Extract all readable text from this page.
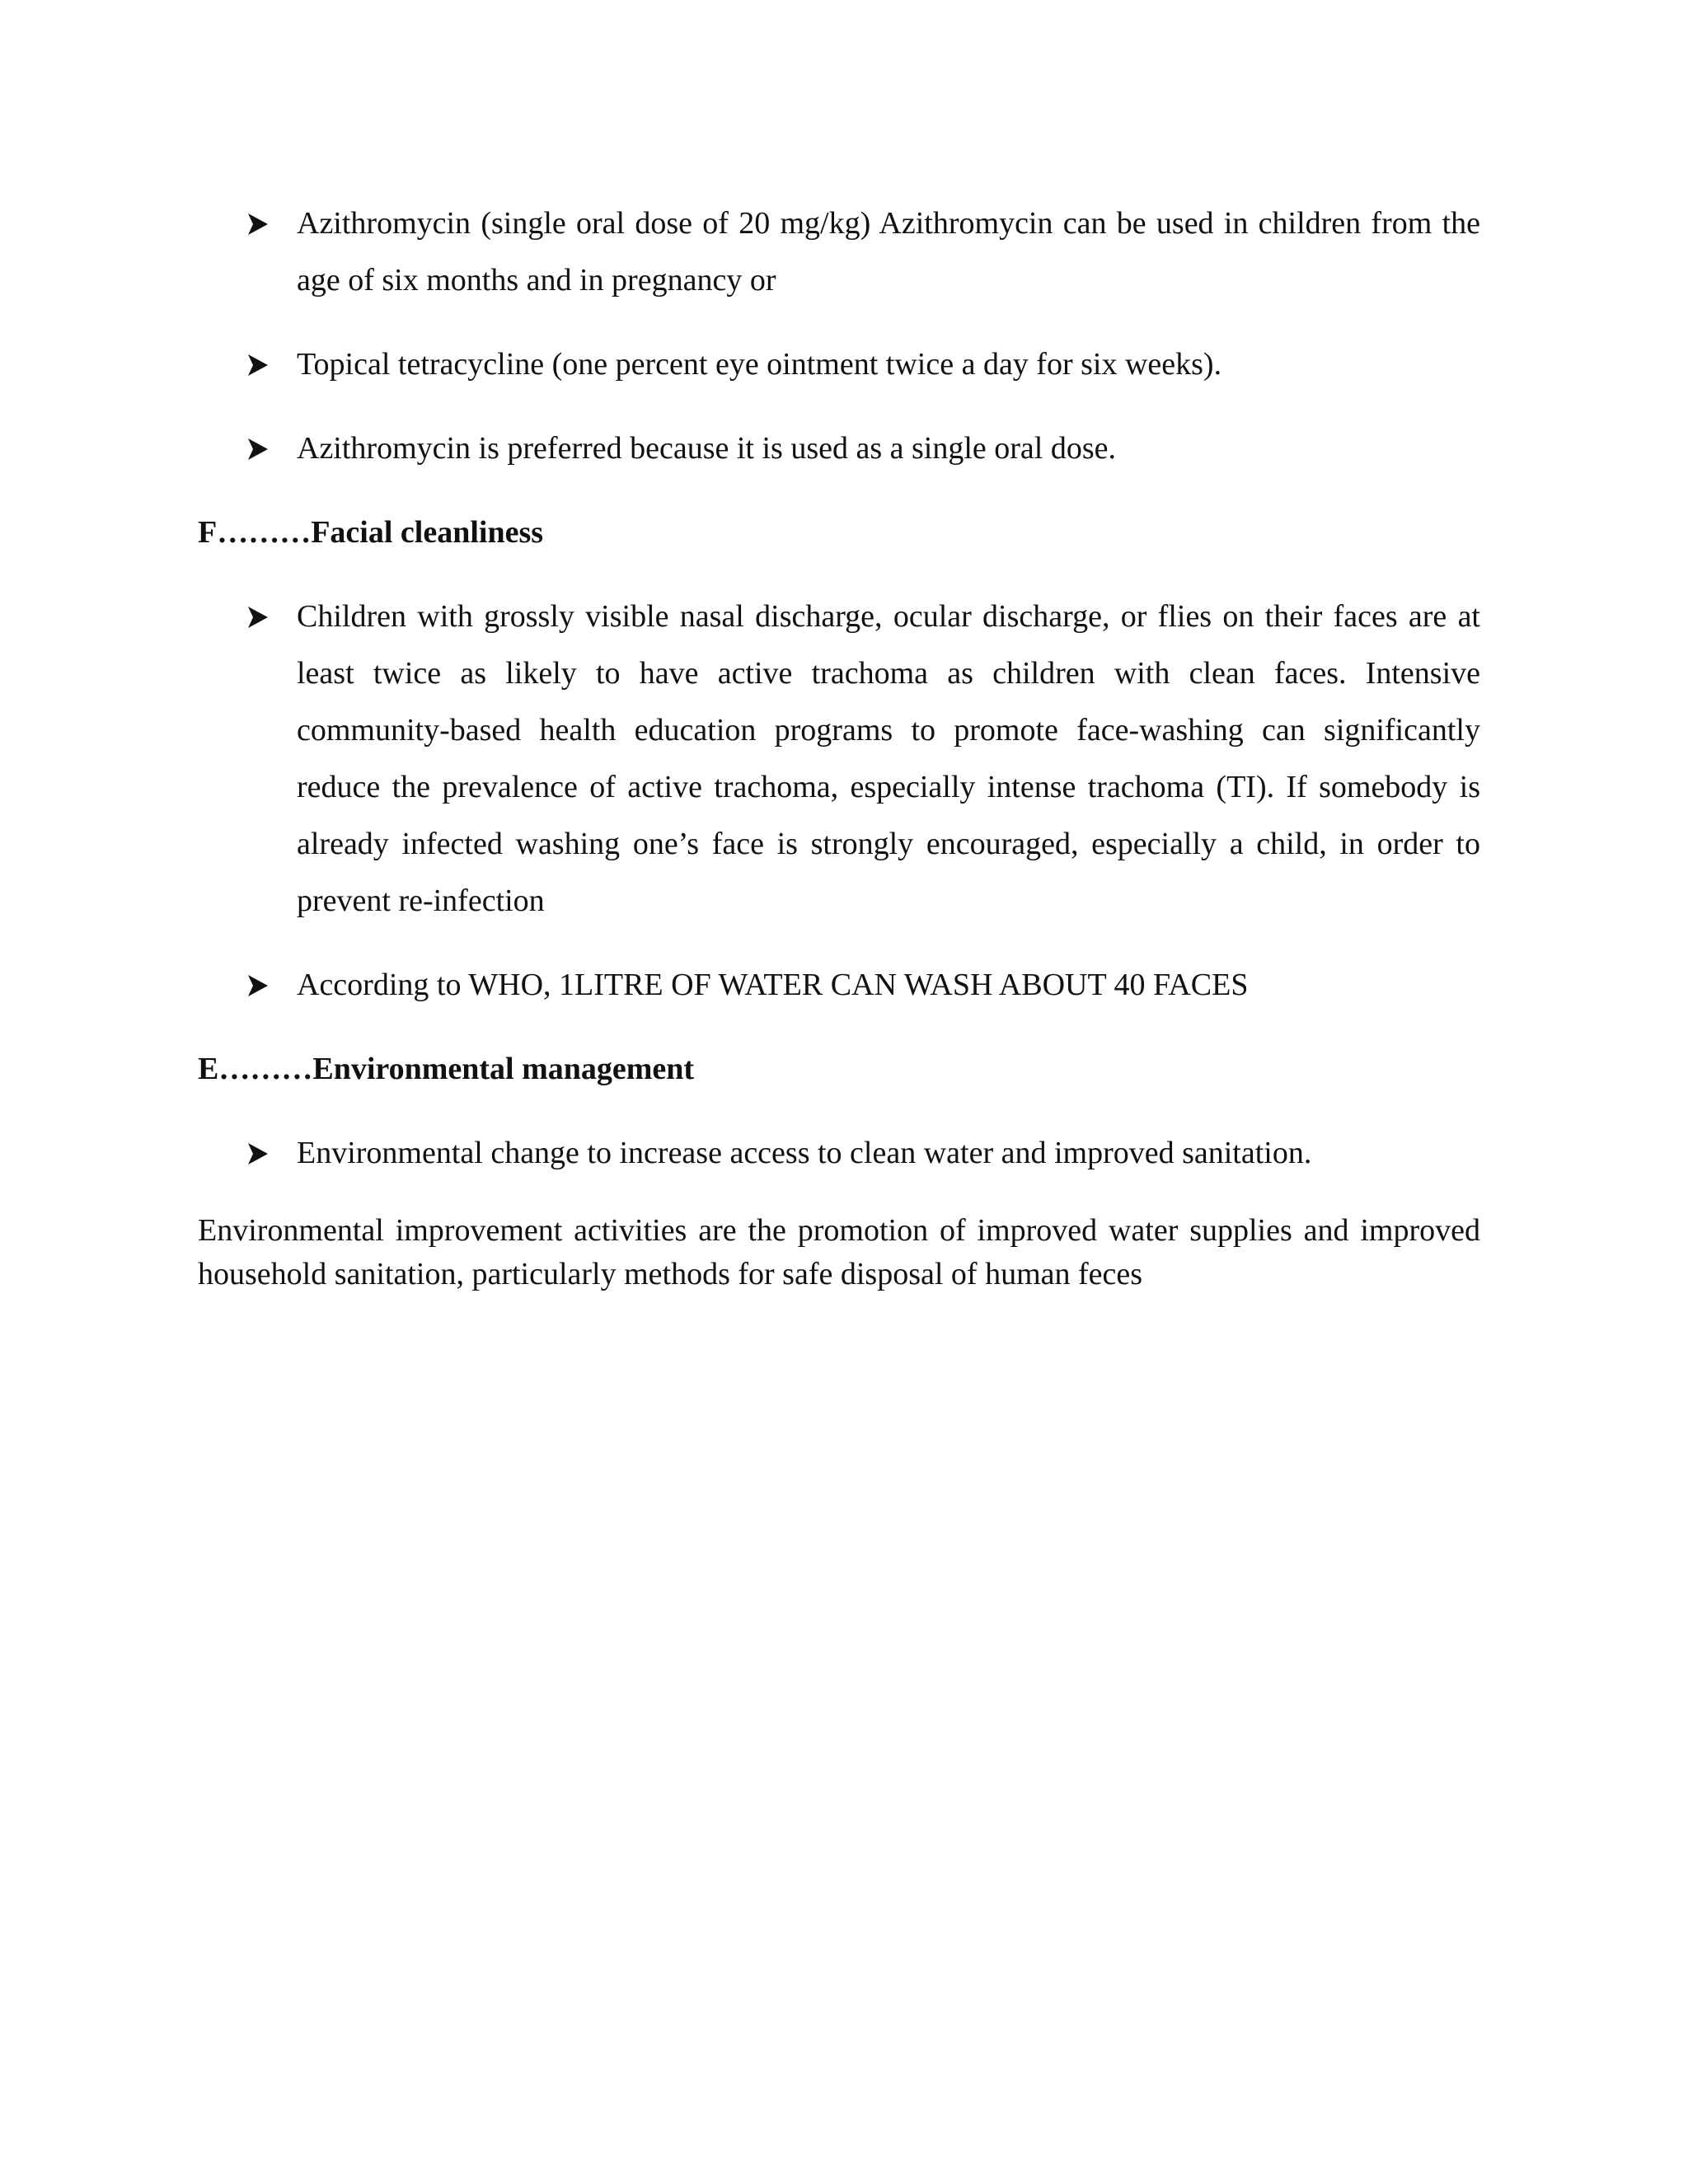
Azithromycin (single oral dose of 20 mg/kg) Azithromycin can be used in children from the age of six months and in pregnancy or
Topical tetracycline (one percent eye ointment twice a day for six weeks).
Azithromycin is preferred because it is used as a single oral dose.

F………Facial cleanliness

Children with grossly visible nasal discharge, ocular discharge, or flies on their faces are at least twice as likely to have active trachoma as children with clean faces. Intensive community-based health education programs to promote face-washing can significantly reduce the prevalence of active trachoma, especially intense trachoma (TI). If somebody is already infected washing one’s face is strongly encouraged, especially a child, in order to prevent re-infection
According to WHO, 1LITRE OF WATER CAN WASH ABOUT 40 FACES

E………Environmental management

Environmental change to increase access to clean water and improved sanitation.

Environmental improvement activities are the promotion of improved water supplies and improved household sanitation, particularly methods for safe disposal of human feces
